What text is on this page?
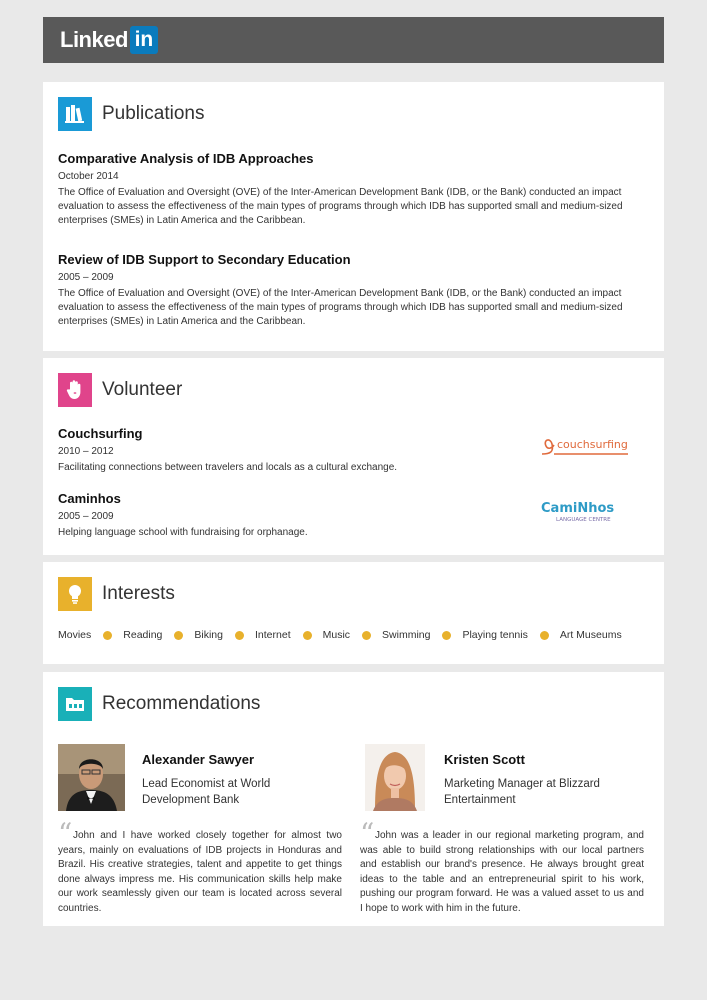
Linked in
Publications
Comparative Analysis of IDB Approaches
October 2014
The Office of Evaluation and Oversight (OVE) of the Inter-American Development Bank (IDB, or the Bank) conducted an impact evaluation to assess the effectiveness of the main types of programs through which IDB has supported small and medium-sized enterprises (SMEs) in Latin America and the Caribbean.
Review of IDB Support to Secondary Education
2005 – 2009
The Office of Evaluation and Oversight (OVE) of the Inter-American Development Bank (IDB, or the Bank) conducted an impact evaluation to assess the effectiveness of the main types of programs through which IDB has supported small and medium-sized enterprises (SMEs) in Latin America and the Caribbean.
Volunteer
Couchsurfing
2010 – 2012
Facilitating connections between travelers and locals as a cultural exchange.
couchsurfing
Caminhos
2005 – 2009
Helping language school with fundraising for orphanage.
CamiNhos
LANGUAGE CENTRE
Interests
Movies	Reading	Biking	Internet	Music	Swimming	Playing tennis	Art Museums
Recommendations
Alexander Sawyer
Lead Economist at World Development Bank
“
   John and I have worked closely together for almost two years, mainly on evaluations of IDB projects in Honduras and Brazil. His creative strategies, talent and appetite to get things done always impress me. His communication skills help make our work seamlessly given our team is located across several countries.
Kristen Scott
Marketing Manager at Blizzard Entertainment
“
   John was a leader in our regional marketing program, and was able to build strong relationships with our local partners and establish our brand's presence. He always brought great ideas to the table and an entrepreneurial spirit to his work, pushing our program forward. He was a valued asset to us and I hope to work with him in the future.
